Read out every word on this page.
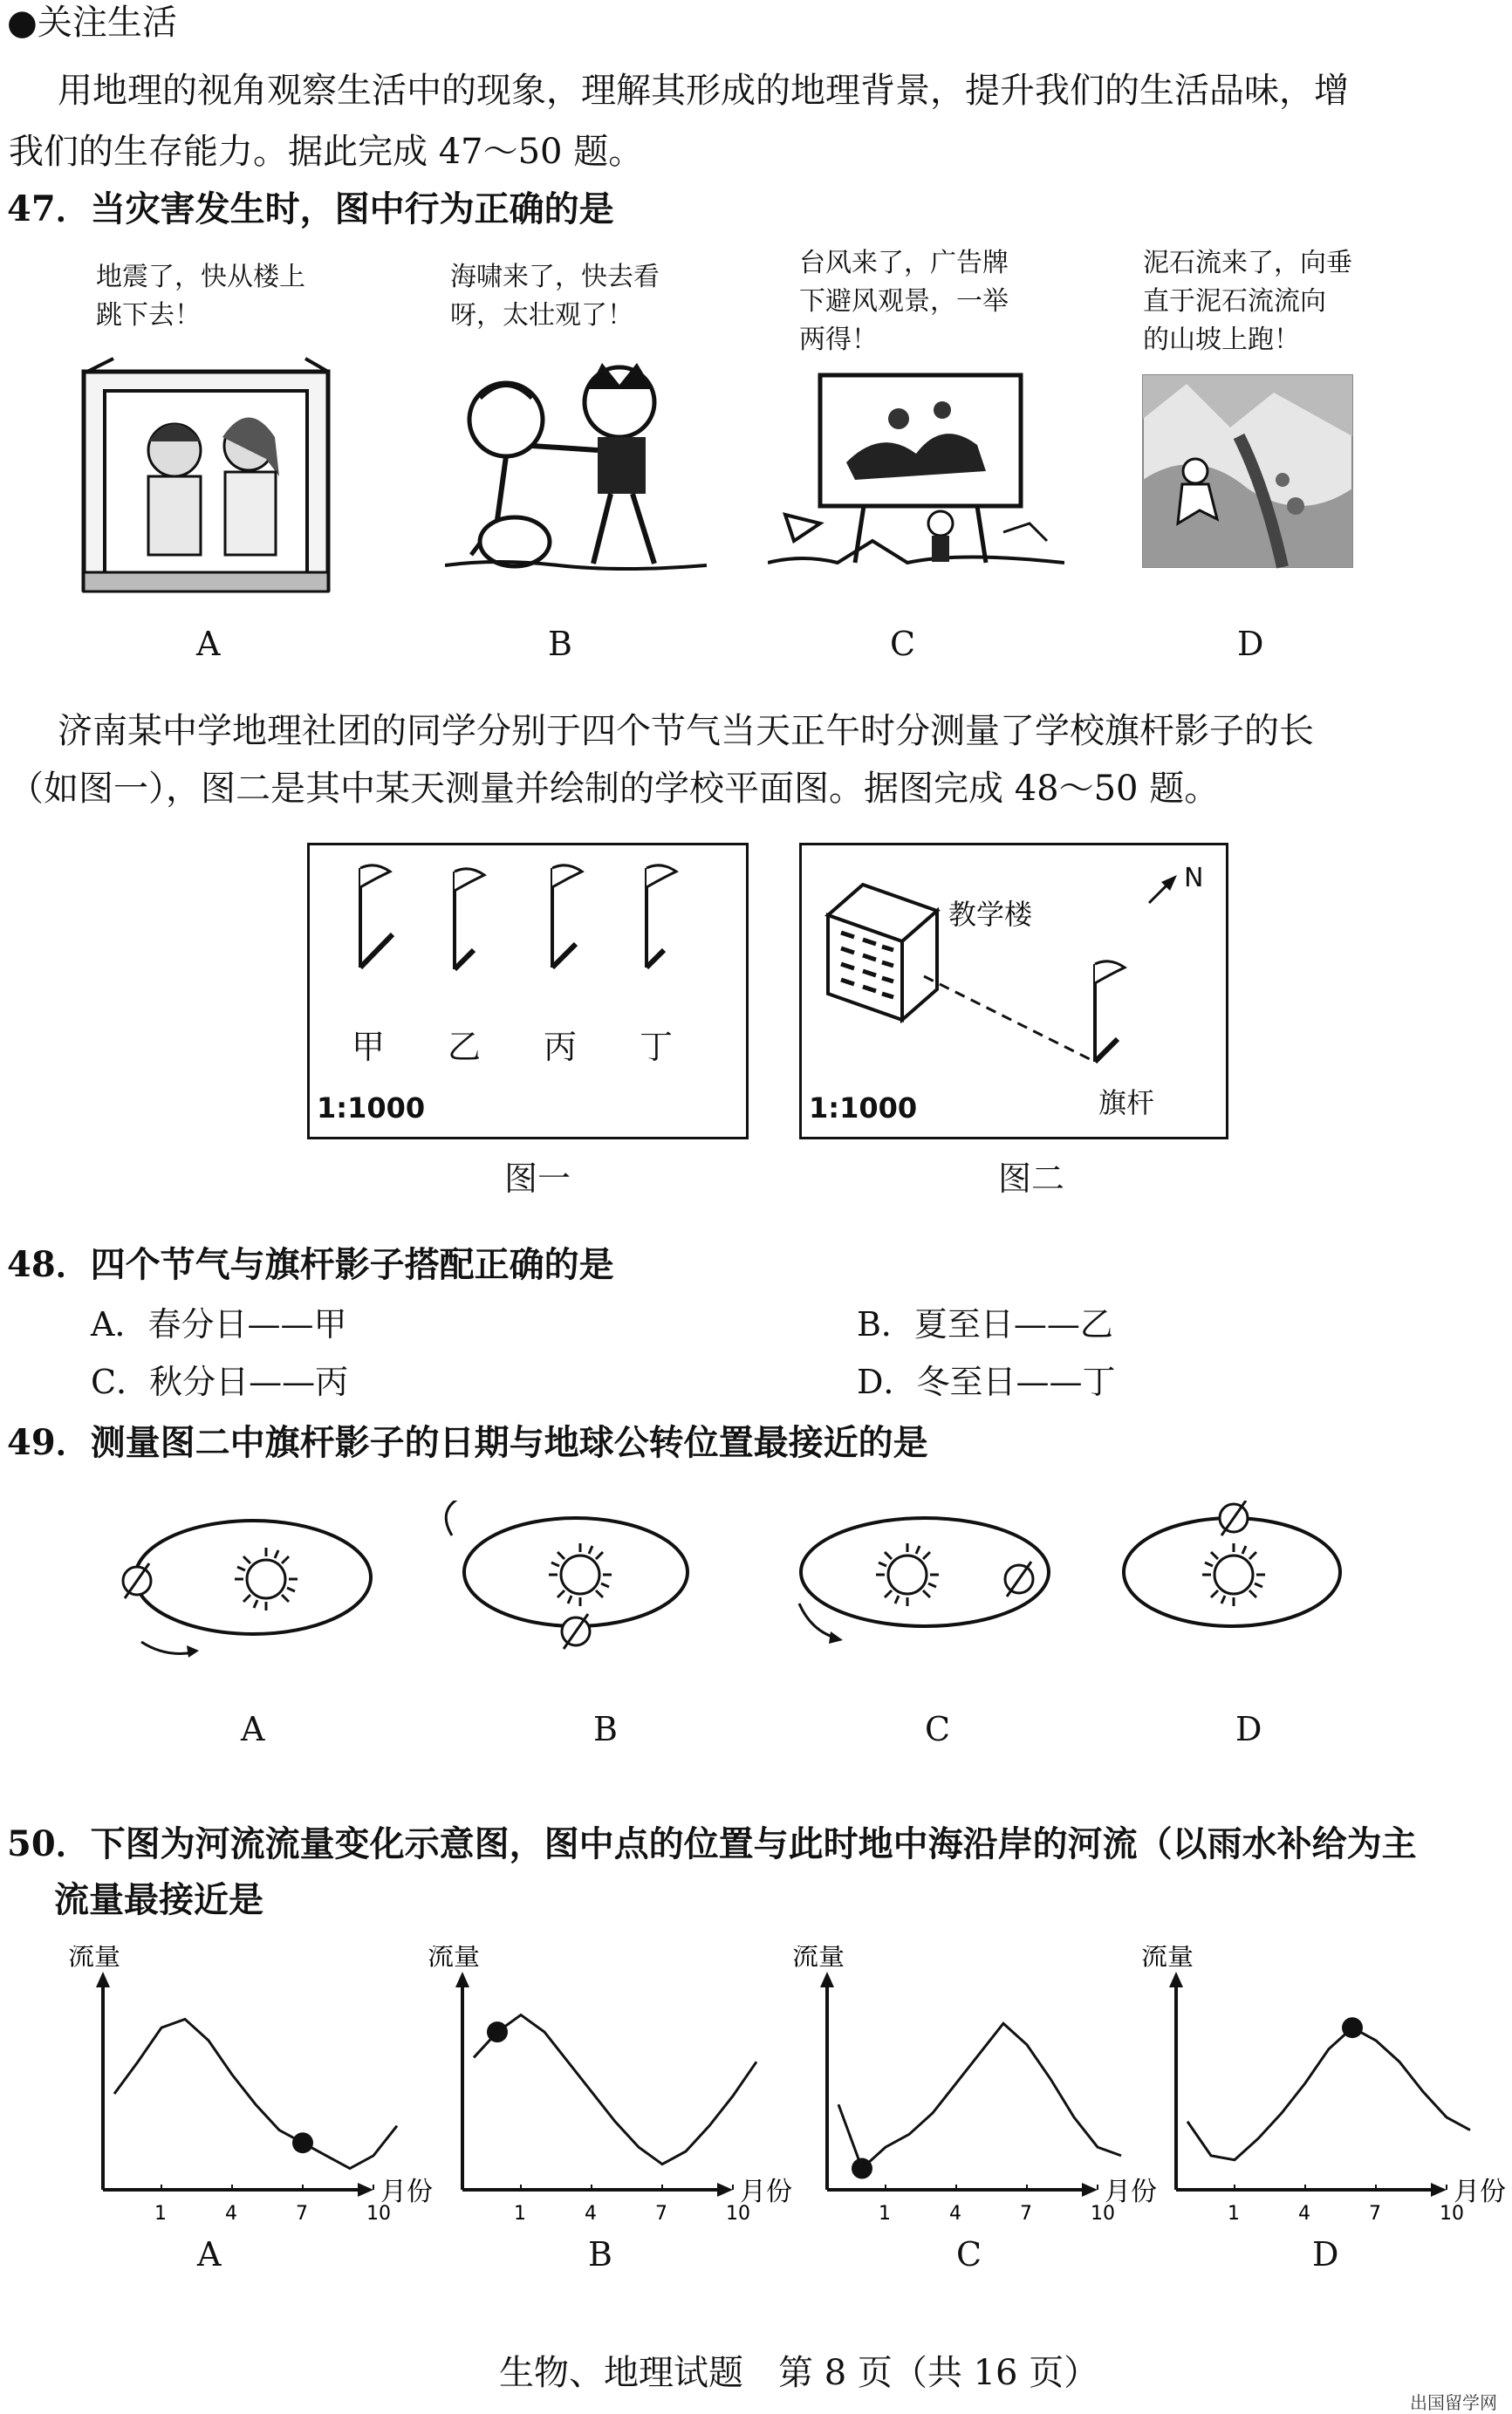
●关注生活
用地理的视角观察生活中的现象，理解其形成的地理背景，提升我们的生活品味，增
我们的生存能力。据此完成 47～50 题。
47．当灾害发生时，图中行为正确的是
地震了，快从楼上
跳下去！
A
海啸来了，快去看
呀，太壮观了！
B
台风来了，广告牌
下避风观景，一举
两得！
C
泥石流来了，向垂
直于泥石流流向
的山坡上跑！
D
济南某中学地理社团的同学分别于四个节气当天正午时分测量了学校旗杆影子的长
（如图一），图二是其中某天测量并绘制的学校平面图。据图完成 48～50 题。
甲 乙 丙 丁
1:1000
图一
教学楼
N
旗杆
1:1000
图二
48．四个节气与旗杆影子搭配正确的是
A．春分日——甲	B．夏至日——乙
C．秋分日——丙	D．冬至日——丁
49．测量图二中旗杆影子的日期与地球公转位置最接近的是
A	B	C	D
50．下图为河流流量变化示意图，图中点的位置与此时地中海沿岸的河流（以雨水补给为主
流量最接近是
流量
月份
1	4	7	10
流量
月份
1	4	7	10
流量
月份
1	4	7	10
流量
月份
1	4	7	10
A	B	C	D
生物、地理试题　第 8 页（共 16 页）
出国留学网
